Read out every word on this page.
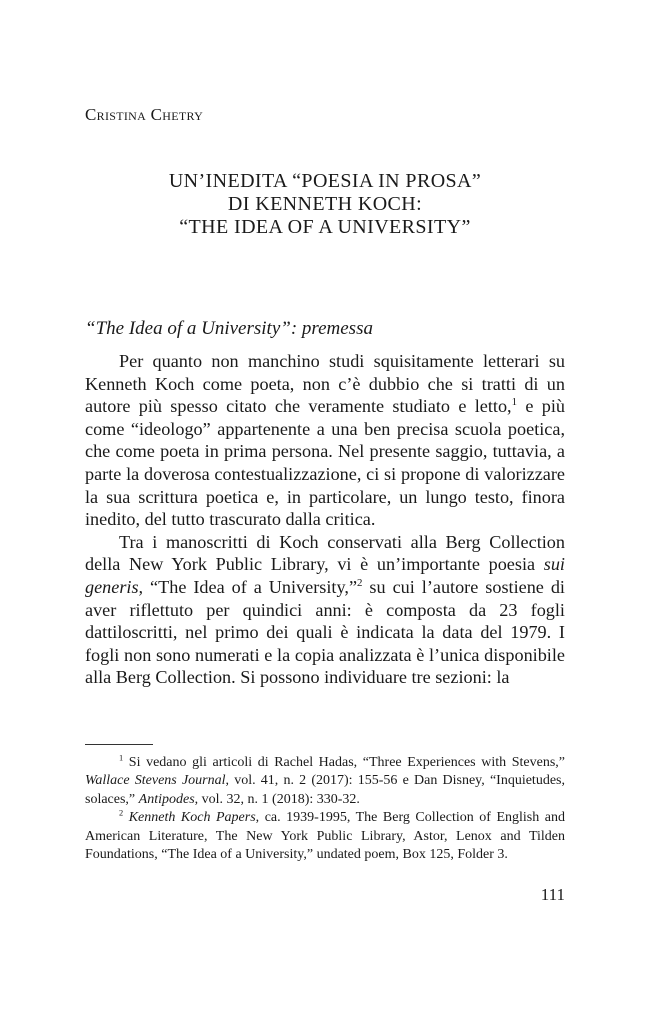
Cristina Chetry
UN’INEDITA “POESIA IN PROSA”
DI KENNETH KOCH:
“THE IDEA OF A UNIVERSITY”
“The Idea of a University”: premessa

Per quanto non manchino studi squisitamente letterari su Kenneth Koch come poeta, non c’è dubbio che si tratti di un autore più spesso citato che veramente studiato e letto,$^1$ e più come “ideologo” appartenente a una ben precisa scuola poetica, che come poeta in prima persona. Nel presente saggio, tuttavia, a parte la doverosa contestualizzazione, ci si propone di valorizzare la sua scrittura poetica e, in particolare, un lungo testo, finora inedito, del tutto trascurato dalla critica.

Tra i manoscritti di Koch conservati alla Berg Collection della New York Public Library, vi è un’importante poesia sui generis, “The Idea of a University,”$^2$ su cui l’autore sostiene di aver riflettuto per quindici anni: è composta da 23 fogli dattiloscritti, nel primo dei quali è indicata la data del 1979. I fogli non sono numerati e la copia analizzata è l’unica disponibile alla Berg Collection. Si possono individuare tre sezioni: la

$^1$ Si vedano gli articoli di Rachel Hadas, “Three Experiences with Stevens,” Wallace Stevens Journal, vol. 41, n. 2 (2017): 155-56 e Dan Disney, “Inquietudes, solaces,” Antipodes, vol. 32, n. 1 (2018): 330-32.

$^2$ Kenneth Koch Papers, ca. 1939-1995, The Berg Collection of English and American Literature, The New York Public Library, Astor, Lenox and Tilden Foundations, “The Idea of a University,” undated poem, Box 125, Folder 3.

111
